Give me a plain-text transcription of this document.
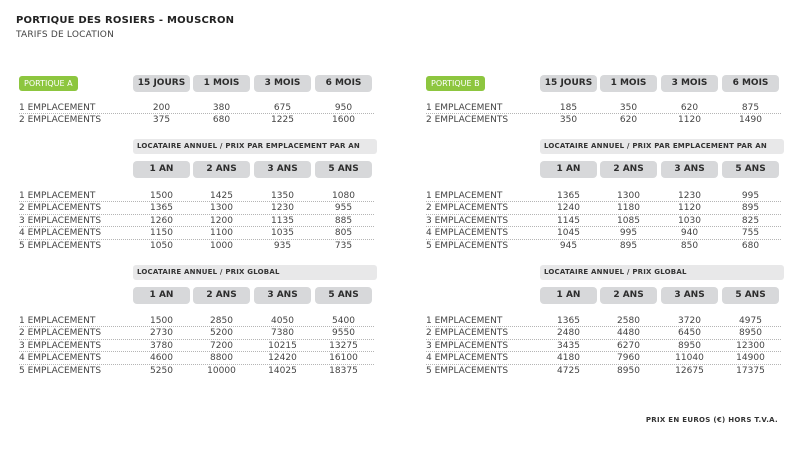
PORTIQUE DES ROSIERS - MOUSCRON
TARIFS DE LOCATION
PORTIQUE A	15 JOURS	1 MOIS	3 MOIS	6 MOIS
1 EMPLACEMENT	200	380	675	950
2 EMPLACEMENTS	375	680	1225	1600
LOCATAIRE ANNUEL / PRIX PAR EMPLACEMENT PAR AN
1 AN	2 ANS	3 ANS	5 ANS
1 EMPLACEMENT	1500	1425	1350	1080
2 EMPLACEMENTS	1365	1300	1230	955
3 EMPLACEMENTS	1260	1200	1135	885
4 EMPLACEMENTS	1150	1100	1035	805
5 EMPLACEMENTS	1050	1000	935	735
LOCATAIRE ANNUEL / PRIX GLOBAL
1 AN	2 ANS	3 ANS	5 ANS
1 EMPLACEMENT	1500	2850	4050	5400
2 EMPLACEMENTS	2730	5200	7380	9550
3 EMPLACEMENTS	3780	7200	10215	13275
4 EMPLACEMENTS	4600	8800	12420	16100
5 EMPLACEMENTS	5250	10000	14025	18375
PORTIQUE B	15 JOURS	1 MOIS	3 MOIS	6 MOIS
1 EMPLACEMENT	185	350	620	875
2 EMPLACEMENTS	350	620	1120	1490
LOCATAIRE ANNUEL / PRIX PAR EMPLACEMENT PAR AN
1 AN	2 ANS	3 ANS	5 ANS
1 EMPLACEMENT	1365	1300	1230	995
2 EMPLACEMENTS	1240	1180	1120	895
3 EMPLACEMENTS	1145	1085	1030	825
4 EMPLACEMENTS	1045	995	940	755
5 EMPLACEMENTS	945	895	850	680
LOCATAIRE ANNUEL / PRIX GLOBAL
1 AN	2 ANS	3 ANS	5 ANS
1 EMPLACEMENT	1365	2580	3720	4975
2 EMPLACEMENTS	2480	4480	6450	8950
3 EMPLACEMENTS	3435	6270	8950	12300
4 EMPLACEMENTS	4180	7960	11040	14900
5 EMPLACEMENTS	4725	8950	12675	17375
PRIX EN EUROS (€) HORS T.V.A.
